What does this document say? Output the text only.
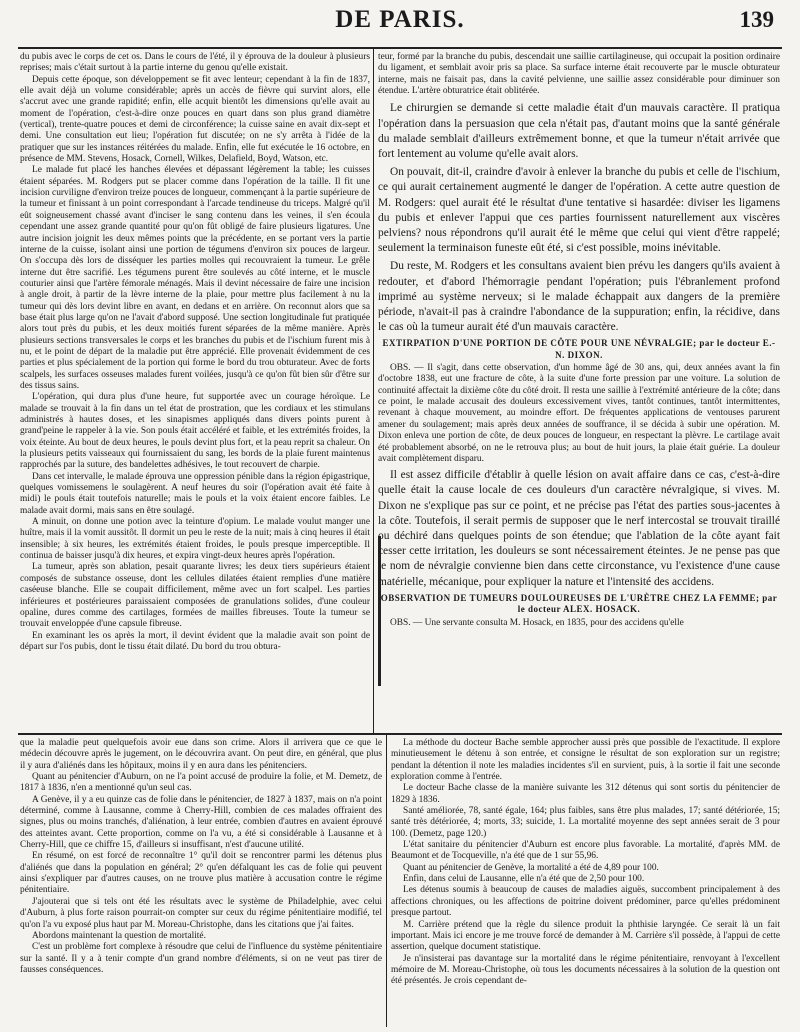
DE PARIS.	139

du pubis avec le corps de cet os. Dans le cours de l'été, il y éprouva de la douleur à plusieurs reprises; mais c'était surtout à la partie interne du genou qu'elle existait.

Depuis cette époque, son développement se fit avec lenteur; cependant à la fin de 1837, elle avait déjà un volume considérable; après un accès de fièvre qui survint alors, elle s'accrut avec une grande rapidité; enfin, elle acquit bientôt les dimensions qu'elle avait au moment de l'opération, c'est-à-dire onze pouces en quart dans son plus grand diamètre (vertical), trente-quatre pouces et demi de circonférence; la cuisse saine en avait dix-sept et demi. Une consultation eut lieu; l'opération fut discutée; on ne s'y arrêta à l'idée de la pratiquer que sur les instances réitérées du malade. Enfin, elle fut exécutée le 16 octobre, en présence de MM. Stevens, Hosack, Cornell, Wilkes, Delafield, Boyd, Watson, etc.

Le malade fut placé les hanches élevées et dépassant légèrement la table; les cuisses étaient séparées. M. Rodgers put se placer comme dans l'opération de la taille. Il fit une incision curviligne d'environ treize pouces de longueur, commençant à la partie supérieure de la tumeur et finissant à un point correspondant à l'arcade tendineuse du triceps. Malgré qu'il eût soigneusement chassé avant d'inciser le sang contenu dans les veines, il s'en écoula cependant une assez grande quantité pour qu'on fût obligé de faire plusieurs ligatures. Une autre incision joignit les deux mêmes points que la précédente, en se portant vers la partie interne de la cuisse, isolant ainsi une portion de tégumens d'environ six pouces de largeur. On s'occupa dès lors de disséquer les parties molles qui recouvraient la tumeur. Le grêle interne dut être sacrifié. Les tégumens purent être soulevés au côté interne, et le muscle couturier ainsi que l'artère fémorale ménagés. Mais il devint nécessaire de faire une incision à angle droit, à partir de la lèvre interne de la plaie, pour mettre plus facilement à nu la tumeur qui dès lors devint libre en avant, en dedans et en arrière. On reconnut alors que sa base était plus large qu'on ne l'avait d'abord supposé. Une section longitudinale fut pratiquée alors tout près du pubis, et les deux moitiés furent séparées de la même manière. Après plusieurs sections transversales le corps et les branches du pubis et de l'ischium furent mis à nu, et le point de départ de la maladie put être apprécié. Elle provenait évidemment de ces parties et plus spécialement de la portion qui forme le bord du trou obturateur. Avec de forts scalpels, les surfaces osseuses malades furent voilées, jusqu'à ce qu'on fût bien sûr d'être sur des tissus sains.

L'opération, qui dura plus d'une heure, fut supportée avec un courage héroïque. Le malade se trouvait à la fin dans un tel état de prostration, que les cordiaux et les stimulans administrés à hautes doses, et les sinapismes appliqués dans divers points purent à grand'peine le rappeler à la vie. Son pouls était accéléré et faible, et les extrémités froides, la voix éteinte. Au bout de deux heures, le pouls devint plus fort, et la peau reprit sa chaleur. On la plusieurs petits vaisseaux qui fournissaient du sang, les bords de la plaie furent maintenus rapprochés par la suture, des bandelettes adhésives, le tout recouvert de charpie.

Dans cet intervalle, le malade éprouva une oppression pénible dans la région épigastrique, quelques vomissemens le soulagèrent. A neuf heures du soir (l'opération avait été faite à midi) le pouls était toutefois naturelle; mais le pouls et la voix étaient encore faibles. Le malade avait dormi, mais sans en être soulagé.

A minuit, on donne une potion avec la teinture d'opium. Le malade voulut manger une huître, mais il la vomit aussitôt. Il dormit un peu le reste de la nuit; mais à cinq heures il était insensible; à six heures, les extrémités étaient froides, le pouls presque imperceptible. Il continua de baisser jusqu'à dix heures, et expira vingt-deux heures après l'opération.

La tumeur, après son ablation, pesait quarante livres; les deux tiers supérieurs étaient composés de substance osseuse, dont les cellules dilatées étaient remplies d'une matière caséeuse blanche. Elle se coupait difficilement, même avec un fort scalpel. Les parties inférieures et postérieures paraissaient composées de granulations solides, d'une couleur opaline, dures comme des cartilages, formées de mailles fibreuses. Toute la tumeur se trouvait enveloppée d'une capsule fibreuse.

En examinant les os après la mort, il devint évident que la maladie avait son point de départ sur l'os pubis, dont le tissu était dilaté. Du bord du trou obtura-

teur, formé par la branche du pubis, descendait une saillie cartilagineuse, qui occupait la position ordinaire du ligament, et semblait avoir pris sa place. Sa surface interne était recouverte par le muscle obturateur interne, mais ne faisait pas, dans la cavité pelvienne, une saillie assez considérable pour diminuer son étendue. L'artère obturatrice était oblitérée.

Le chirurgien se demande si cette maladie était d'un mauvais caractère. Il pratiqua l'opération dans la persuasion que cela n'était pas, d'autant moins que la santé générale du malade semblait d'ailleurs extrêmement bonne, et que la tumeur n'était arrivée que fort lentement au volume qu'elle avait alors.

On pouvait, dit-il, craindre d'avoir à enlever la branche du pubis et celle de l'ischium, ce qui aurait certainement augmenté le danger de l'opération. A cette autre question de M. Rodgers: quel aurait été le résultat d'une tentative si hasardée: diviser les ligamens du pubis et enlever l'appui que ces parties fournissent naturellement aux viscères pelviens? nous répondrons qu'il aurait été le même que celui qui vient d'être rappelé; seulement la terminaison funeste eût été, si c'est possible, moins inévitable.

Du reste, M. Rodgers et les consultans avaient bien prévu les dangers qu'ils avaient à redouter, et d'abord l'hémorragie pendant l'opération; puis l'ébranlement profond imprimé au système nerveux; si le malade échappait aux dangers de la première période, n'avait-il pas à craindre l'abondance de la suppuration; enfin, la récidive, dans le cas où la tumeur aurait été d'un mauvais caractère.

EXTIRPATION D'UNE PORTION DE CÔTE POUR UNE NÉVRALGIE; par le docteur E.-N. DIXON.

OBS. — Il s'agit, dans cette observation, d'un homme âgé de 30 ans, qui, deux années avant la fin d'octobre 1838, eut une fracture de côte, à la suite d'une forte pression par une voiture. La solution de continuité affectait la dixième côte du côté droit. Il resta une saillie à l'extrémité antérieure de la côte; dans ce point, le malade accusait des douleurs excessivement vives, tantôt continues, tantôt intermittentes, revenant à chaque mouvement, au moindre effort. De fréquentes applications de ventouses parurent amener du soulagement; mais après deux années de souffrance, il se décida à subir une opération. M. Dixon enleva une portion de côte, de deux pouces de longueur, en respectant la plèvre. Le cartilage avait été probablement absorbé, on ne le retrouva plus; au bout de huit jours, la plaie était guérie. La douleur avait complètement disparu.

Il est assez difficile d'établir à quelle lésion on avait affaire dans ce cas, c'est-à-dire quelle était la cause locale de ces douleurs d'un caractère névralgique, si vives. M. Dixon ne s'explique pas sur ce point, et ne précise pas l'état des parties sous-jacentes à la côte. Toutefois, il serait permis de supposer que le nerf intercostal se trouvait tiraillé ou déchiré dans quelques points de son étendue; que l'ablation de la côte ayant fait cesser cette irritation, les douleurs se sont nécessairement éteintes. Je ne pense pas que le nom de névralgie convienne bien dans cette circonstance, vu l'existence d'une cause matérielle, mécanique, pour expliquer la nature et l'intensité des accidens.

OBSERVATION DE TUMEURS DOULOUREUSES DE L'URÈTRE CHEZ LA FEMME; par le docteur ALEX. HOSACK.

OBS. — Une servante consulta M. Hosack, en 1835, pour des accidens qu'elle

que la maladie peut quelquefois avoir eue dans son crime. Alors il arrivera que ce que le médecin découvre après le jugement, on le découvrira avant. On peut dire, en général, que plus il y aura d'aliénés dans les hôpitaux, moins il y en aura dans les pénitenciers.

Quant au pénitencier d'Auburn, on ne l'a point accusé de produire la folie, et M. Demetz, de 1817 à 1836, n'en a mentionné qu'un seul cas.

A Genève, il y a eu quinze cas de folie dans le pénitencier, de 1827 à 1837, mais on n'a point déterminé, comme à Lausanne, comme à Cherry-Hill, combien de ces malades offraient des signes, plus ou moins tranchés, d'aliénation, à leur entrée, combien d'autres en avaient éprouvé des atteintes avant. Cette proportion, comme on l'a vu, a été si considérable à Lausanne et à Cherry-Hill, que ce chiffre 15, d'ailleurs si insuffisant, n'est d'aucune utilité.

En résumé, on est forcé de reconnaître 1° qu'il doit se rencontrer parmi les détenus plus d'aliénés que dans la population en général; 2° qu'en défalquant les cas de folie qui peuvent ainsi s'expliquer par d'autres causes, on ne trouve plus matière à accusation contre le régime pénitentiaire.

J'ajouterai que si tels ont été les résultats avec le système de Philadelphie, avec celui d'Auburn, à plus forte raison pourrait-on compter sur ceux du régime pénitentiaire modifié, tel qu'on l'a vu exposé plus haut par M. Moreau-Christophe, dans les citations que j'ai faites.

Abordons maintenant la question de mortalité.

C'est un problème fort complexe à résoudre que celui de l'influence du système pénitentiaire sur la santé. Il y a à tenir compte d'un grand nombre d'éléments, si on ne veut pas tirer de fausses conséquences.

La méthode du docteur Bache semble approcher aussi près que possible de l'exactitude. Il explore minutieusement le détenu à son entrée, et consigne le résultat de son exploration sur un registre; pendant la détention il note les maladies incidentes s'il en survient, puis, à la sortie il fait une seconde exploration comme à l'entrée.

Le docteur Bache classe de la manière suivante les 312 détenus qui sont sortis du pénitencier de 1829 à 1836.

Santé améliorée, 78, santé égale, 164; plus faibles, sans être plus malades, 17; santé détériorée, 15; santé très détériorée, 4; morts, 33; suicide, 1. La mortalité moyenne des sept années serait de 3 pour 100. (Demetz, page 120.)

L'état sanitaire du pénitencier d'Auburn est encore plus favorable. La mortalité, d'après MM. de Beaumont et de Tocqueville, n'a été que de 1 sur 55,96.

Quant au pénitencier de Genève, la mortalité a été de 4,89 pour 100.

Enfin, dans celui de Lausanne, elle n'a été que de 2,50 pour 100.

Les détenus soumis à beaucoup de causes de maladies aiguës, succombent principalement à des affections chroniques, ou les affections de poitrine doivent prédominer, parce qu'elles prédominent presque partout.

M. Carrière prétend que la règle du silence produit la phthisie laryngée. Ce serait là un fait important. Mais ici encore je me trouve forcé de demander à M. Carrière s'il possède, à l'appui de cette assertion, quelque document statistique.

Je n'insisterai pas davantage sur la mortalité dans le régime pénitentiaire, renvoyant à l'excellent mémoire de M. Moreau-Christophe, où tous les documents nécessaires à la solution de la question ont été présentés. Je crois cependant de-
